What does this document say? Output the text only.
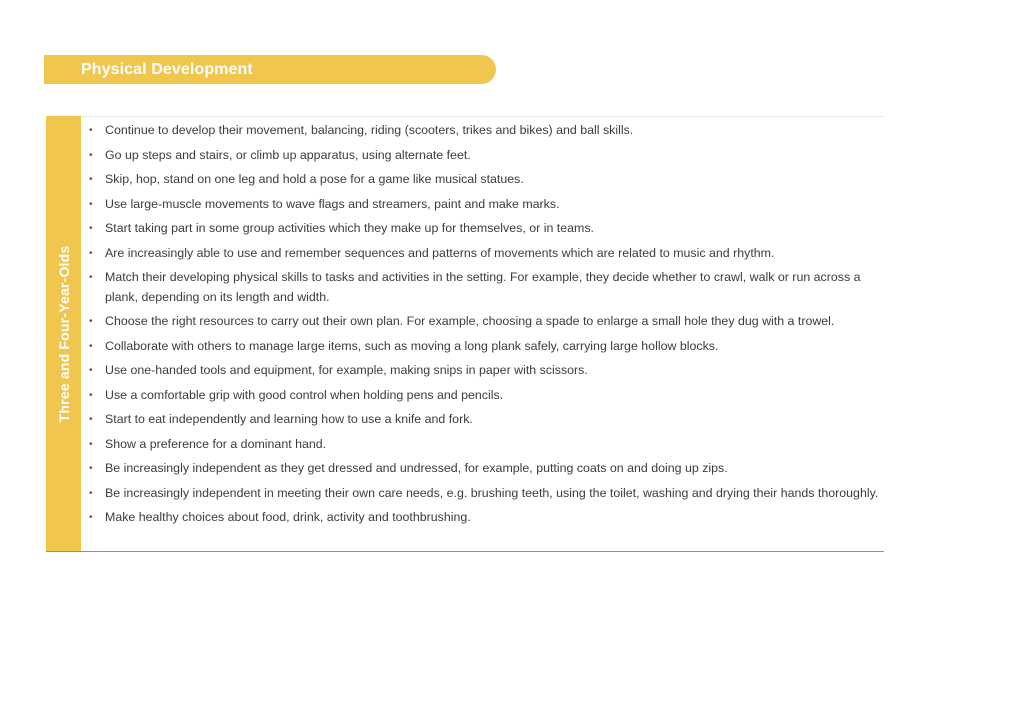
Physical Development
Three and Four-Year-Olds
•	Continue to develop their movement, balancing, riding (scooters, trikes and bikes) and ball skills.
•	Go up steps and stairs, or climb up apparatus, using alternate feet.
•	Skip, hop, stand on one leg and hold a pose for a game like musical statues.
•	Use large-muscle movements to wave flags and streamers, paint and make marks.
•	Start taking part in some group activities which they make up for themselves, or in teams.
•	Are increasingly able to use and remember sequences and patterns of movements which are related to music and rhythm.
•	Match their developing physical skills to tasks and activities in the setting. For example, they decide whether to crawl, walk or run across a plank, depending on its length and width.
•	Choose the right resources to carry out their own plan. For example, choosing a spade to enlarge a small hole they dug with a trowel.
•	Collaborate with others to manage large items, such as moving a long plank safely, carrying large hollow blocks.
•	Use one-handed tools and equipment, for example, making snips in paper with scissors.
•	Use a comfortable grip with good control when holding pens and pencils.
•	Start to eat independently and learning how to use a knife and fork.
•	Show a preference for a dominant hand.
•	Be increasingly independent as they get dressed and undressed, for example, putting coats on and doing up zips.
•	Be increasingly independent in meeting their own care needs, e.g. brushing teeth, using the toilet, washing and drying their hands thoroughly.
•	Make healthy choices about food, drink, activity and toothbrushing.
